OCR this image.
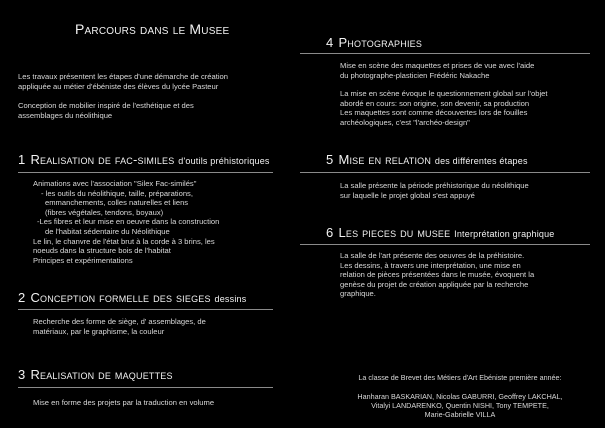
Parcours dans le Musee
Les travaux présentent les étapes d'une démarche de création
appliquée au métier d'ébéniste des élèves du lycée Pasteur
Conception de mobilier inspiré de l'esthétique et des
assemblages du néolithique
1 Realisation de fac-similes d'outils préhistoriques
Animations avec l'association "Silex Fac-similés"
- les outils du néolithique, taille, préparations,
emmanchements, colles naturelles et liens
(fibres végétales, tendons, boyaux)
-Les fibres et leur mise en oeuvre dans la construction
de l'habitat sédentaire du Néolithique
Le lin, le chanvre de l'état brut à la corde à 3 brins, les
noeuds dans la structure bois de l'habitat
Principes et expérimentations
2 Conception formelle des sieges dessins
Recherche des forme de siège, d' assemblages, de
matériaux, par le graphisme, la couleur
3 Realisation de maquettes
Mise en forme des projets par la traduction en volume
4 Photographies
Mise en scène des maquettes et prises de vue avec l'aide
du photographe-plasticien Frédéric Nakache
La mise en scène évoque le questionnement global sur l'objet
abordé en cours: son origine, son devenir, sa production
Les maquettes sont comme découvertes lors de fouilles
archéologiques, c'est "l'archéo-design"
5 Mise en relation des différentes étapes
La salle présente la période préhistorique du néolithique
sur laquelle le projet global s'est appuyé
6 Les pieces du musee Interprétation graphique
La salle de l'art présente des oeuvres de la préhistoire.
Les dessins, à travers une interprétation, une mise en
relation de pièces présentées dans le musée, évoquent la
genèse du projet de création appliquée par la recherche
graphique.
La classe de Brevet des Métiers d'Art Ebéniste première année:
Hanharan BASKARIAN, Nicolas GABURRI, Geoffrey LAKCHAL,
Vitalyi LANDARENKO, Quentin NISHI, Tony TEMPETE,
Marie-Gabrielle VILLA
